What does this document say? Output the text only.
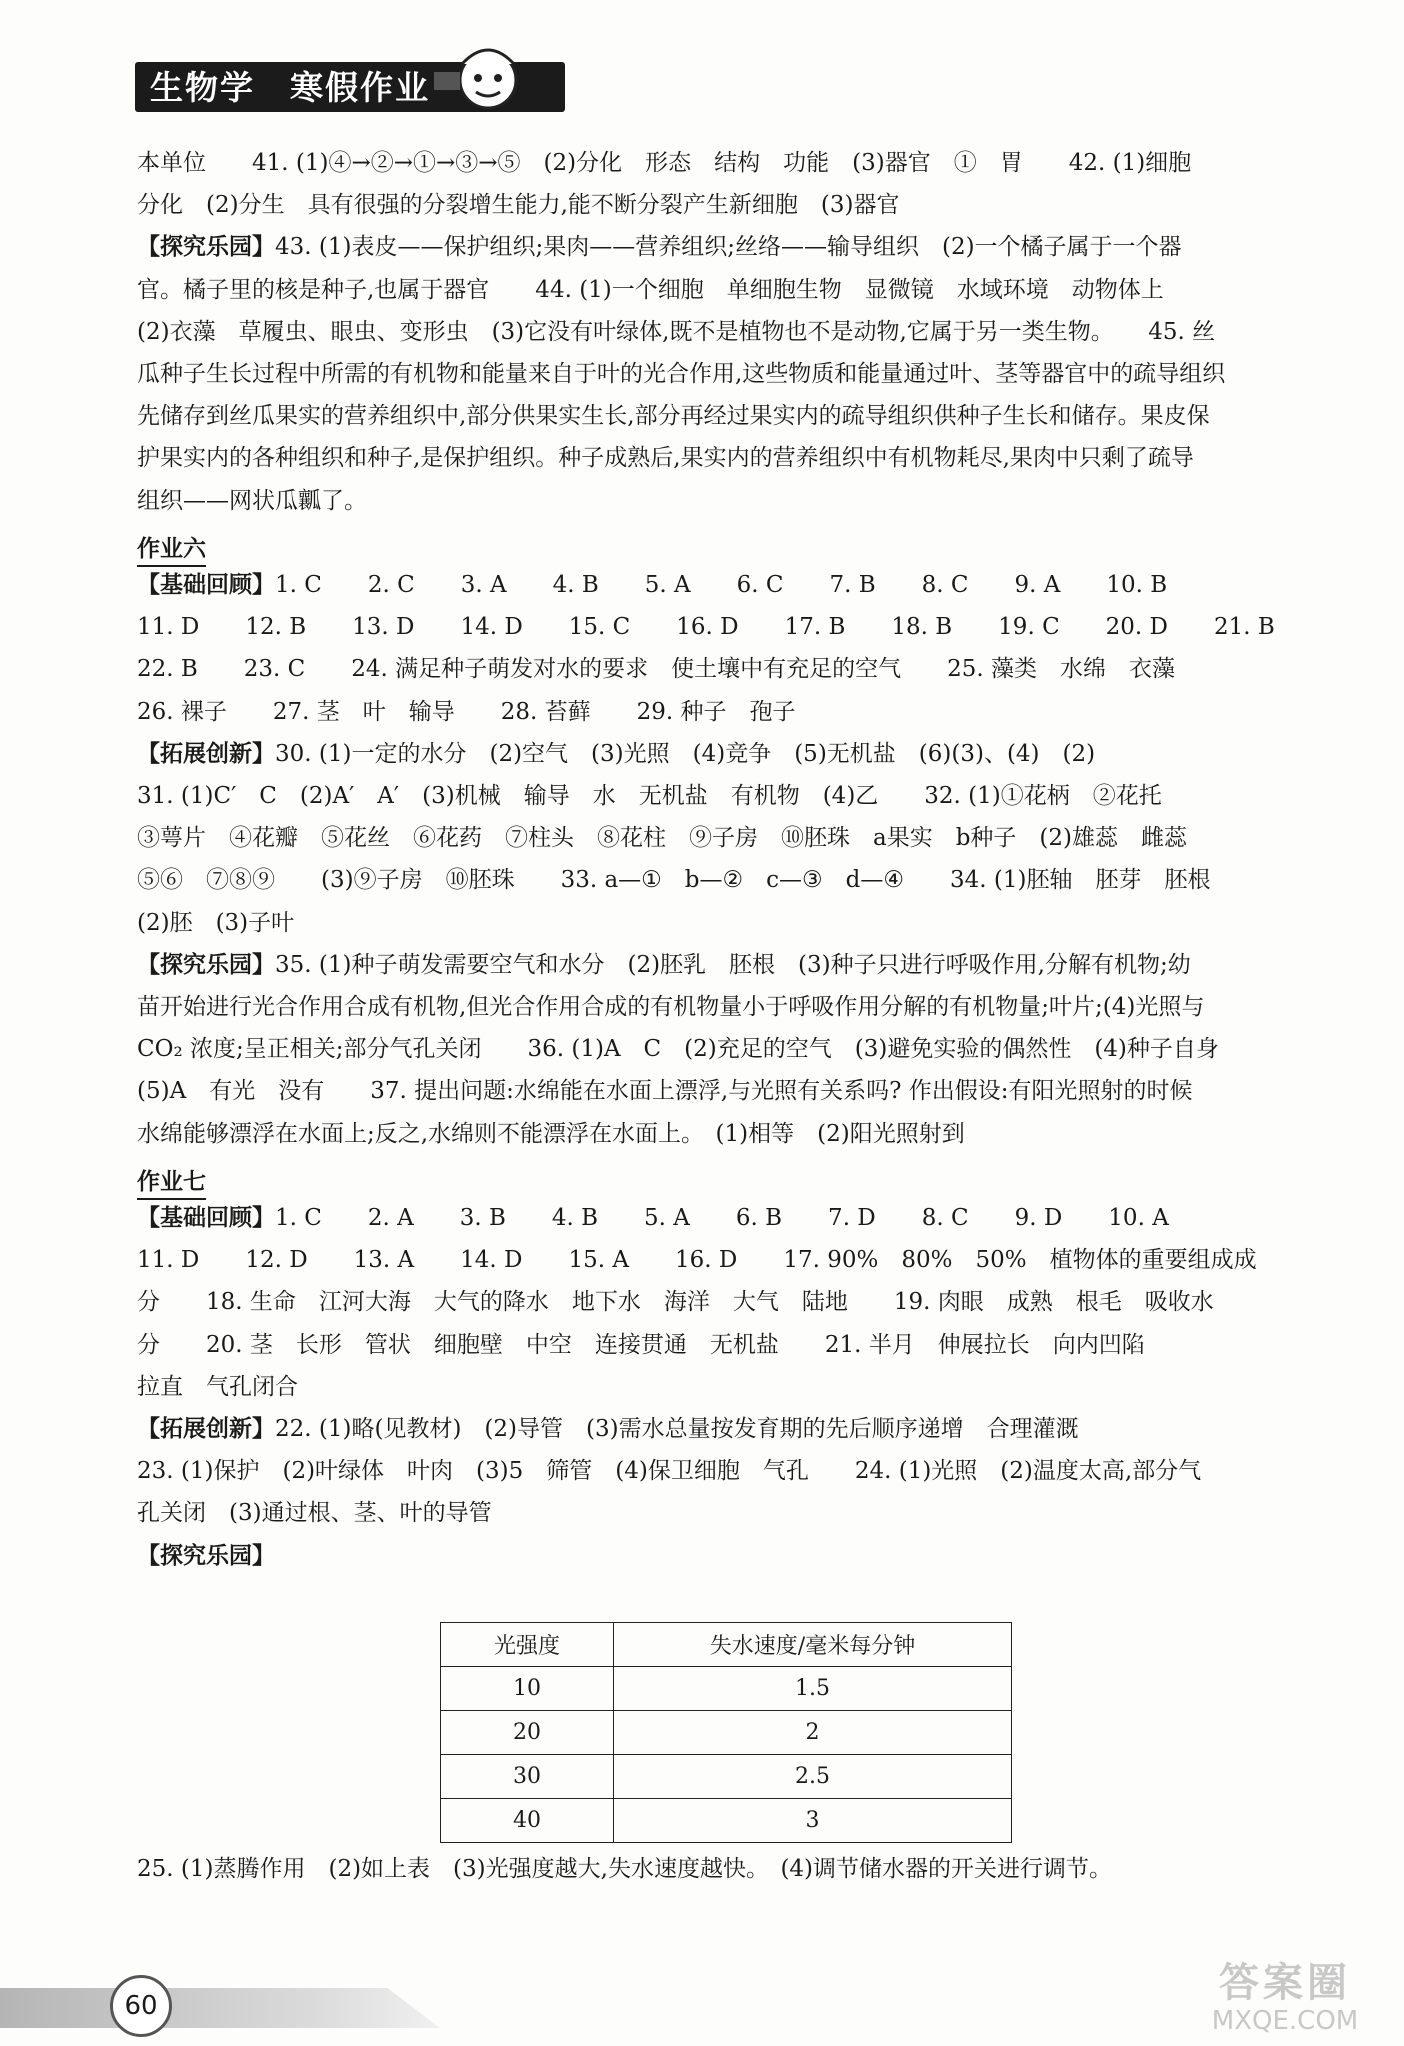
生物学　寒假作业
本单位　　41. (1)④→②→①→③→⑤　(2)分化　形态　结构　功能　(3)器官　①　胃　　42. (1)细胞
分化　(2)分生　具有很强的分裂增生能力,能不断分裂产生新细胞　(3)器官
【探究乐园】43. (1)表皮——保护组织;果肉——营养组织;丝络——输导组织　(2)一个橘子属于一个器
官。橘子里的核是种子,也属于器官　　44. (1)一个细胞　单细胞生物　显微镜　水域环境　动物体上
(2)衣藻　草履虫、眼虫、变形虫　(3)它没有叶绿体,既不是植物也不是动物,它属于另一类生物。　　45. 丝
瓜种子生长过程中所需的有机物和能量来自于叶的光合作用,这些物质和能量通过叶、茎等器官中的疏导组织
先储存到丝瓜果实的营养组织中,部分供果实生长,部分再经过果实内的疏导组织供种子生长和储存。果皮保
护果实内的各种组织和种子,是保护组织。种子成熟后,果实内的营养组织中有机物耗尽,果肉中只剩了疏导
组织——网状瓜瓤了。
作业六
【基础回顾】1. C　　2. C　　3. A　　4. B　　5. A　　6. C　　7. B　　8. C　　9. A　　10. B
11. D　　12. B　　13. D　　14. D　　15. C　　16. D　　17. B　　18. B　　19. C　　20. D　　21. B
22. B　　23. C　　24. 满足种子萌发对水的要求　使土壤中有充足的空气　　25. 藻类　水绵　衣藻
26. 裸子　　27. 茎　叶　输导　　28. 苔藓　　29. 种子　孢子
【拓展创新】30. (1)一定的水分　(2)空气　(3)光照　(4)竞争　(5)无机盐　(6)(3)、(4)　(2)
31. (1)C′　C　(2)A′　A′　(3)机械　输导　水　无机盐　有机物　(4)乙　　32. (1)①花柄　②花托
③萼片　④花瓣　⑤花丝　⑥花药　⑦柱头　⑧花柱　⑨子房　⑩胚珠　a果实　b种子　(2)雄蕊　雌蕊
⑤⑥　⑦⑧⑨　　(3)⑨子房　⑩胚珠　　33. a—①　b—②　c—③　d—④　　34. (1)胚轴　胚芽　胚根
(2)胚　(3)子叶
【探究乐园】35. (1)种子萌发需要空气和水分　(2)胚乳　胚根　(3)种子只进行呼吸作用,分解有机物;幼
苗开始进行光合作用合成有机物,但光合作用合成的有机物量小于呼吸作用分解的有机物量;叶片;(4)光照与
CO₂ 浓度;呈正相关;部分气孔关闭　　36. (1)A　C　(2)充足的空气　(3)避免实验的偶然性　(4)种子自身
(5)A　有光　没有　　37. 提出问题:水绵能在水面上漂浮,与光照有关系吗? 作出假设:有阳光照射的时候
水绵能够漂浮在水面上;反之,水绵则不能漂浮在水面上。　(1)相等　(2)阳光照射到
作业七
【基础回顾】1. C　　2. A　　3. B　　4. B　　5. A　　6. B　　7. D　　8. C　　9. D　　10. A
11. D　　12. D　　13. A　　14. D　　15. A　　16. D　　17. 90%　80%　50%　植物体的重要组成成
分　　18. 生命　江河大海　大气的降水　地下水　海洋　大气　陆地　　19. 肉眼　成熟　根毛　吸收水
分　　20. 茎　长形　管状　细胞壁　中空　连接贯通　无机盐　　21. 半月　伸展拉长　向内凹陷
拉直　气孔闭合
【拓展创新】22. (1)略(见教材)　(2)导管　(3)需水总量按发育期的先后顺序递增　合理灌溉
23. (1)保护　(2)叶绿体　叶肉　(3)5　筛管　(4)保卫细胞　气孔　　24. (1)光照　(2)温度太高,部分气
孔关闭　(3)通过根、茎、叶的导管
【探究乐园】
光强度	失水速度/毫米每分钟
10	1.5
20	2
30	2.5
40	3
25. (1)蒸腾作用　(2)如上表　(3)光强度越大,失水速度越快。　(4)调节储水器的开关进行调节。
60	答案圈
MXQE.COM
